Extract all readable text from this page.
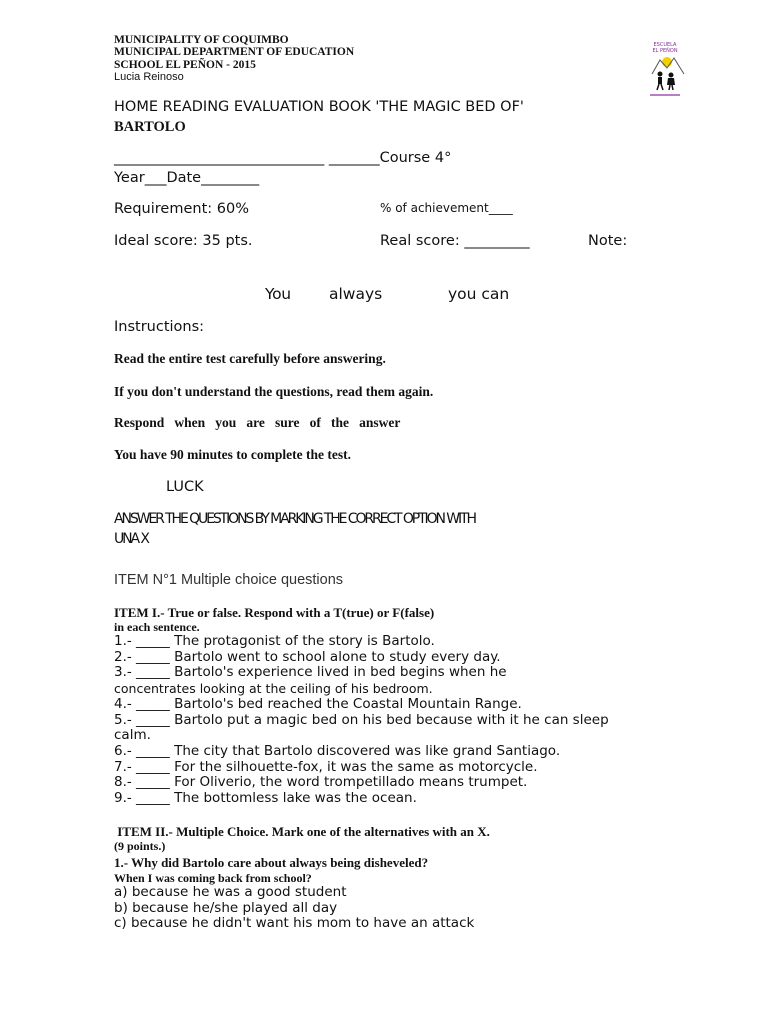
MUNICIPALITY OF COQUIMBO
MUNICIPAL DEPARTMENT OF EDUCATION
SCHOOL EL PEÑON - 2015
Lucia Reinoso
ESCUELA
EL PEÑON
HOME READING EVALUATION BOOK 'THE MAGIC BED OF'
BARTOLO
_____________________________ _______Course 4°
Year___Date________
Requirement: 60%	% of achievement____
Ideal score: 35 pts.	Real score: _________	Note:
You always	you can
Instructions:
Read the entire test carefully before answering.
If you don't understand the questions, read them again.
Respond   when   you   are   sure   of   the   answer
You have 90 minutes to complete the test.
LUCK
ANSWER THE QUESTIONS BY MARKING THE CORRECT OPTION WITH
UNA X
ITEM N°1 Multiple choice questions
ITEM I.- True or false. Respond with a T(true) or F(false)
in each sentence.
1.- _____ The protagonist of the story is Bartolo.
2.- _____ Bartolo went to school alone to study every day.
3.- _____ Bartolo's experience lived in bed begins when he
concentrates looking at the ceiling of his bedroom.
4.- _____ Bartolo's bed reached the Coastal Mountain Range.
5.- _____ Bartolo put a magic bed on his bed because with it he can sleep
calm.
6.- _____ The city that Bartolo discovered was like grand Santiago.
7.- _____ For the silhouette-fox, it was the same as motorcycle.
8.- _____ For Oliverio, the word trompetillado means trumpet.
9.- _____ The bottomless lake was the ocean.
ITEM II.- Multiple Choice. Mark one of the alternatives with an X.
(9 points.)
1.- Why did Bartolo care about always being disheveled?
When I was coming back from school?
a) because he was a good student
b) because he/she played all day
c) because he didn't want his mom to have an attack
